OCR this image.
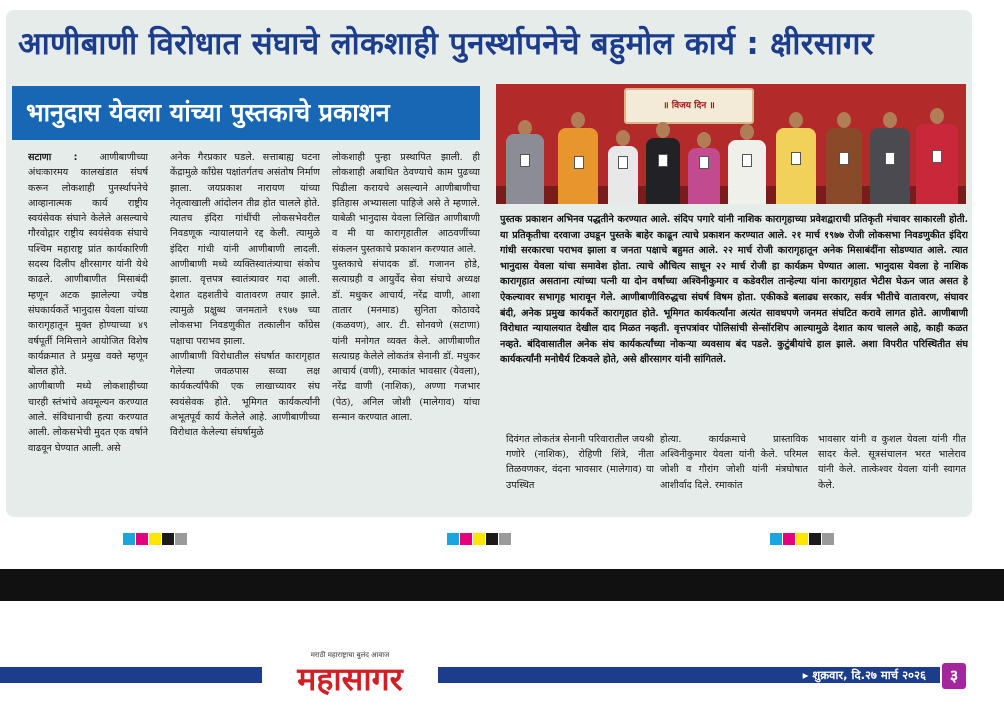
आणीबाणी विरोधात संघाचे लोकशाही पुनर्स्थापनेचे बहुमोल कार्य : क्षीरसागर
भानुदास येवला यांच्या पुस्तकाचे प्रकाशन
सटाणा : आणीबाणीच्या अंधःकारमय कालखंडात संघर्ष करून लोकशाही पुनर्स्थापनेचे आव्हानात्मक कार्य राष्ट्रीय स्वयंसेवक संघाने केलेले असल्याचे गौरवोद्गार राष्ट्रीय स्वयंसेवक संघाचे पश्चिम महाराष्ट्र प्रांत कार्यकारिणी सदस्य दिलीप क्षीरसागर यांनी येथे काढले. आणीबाणीत मिसाबंदी म्हणून अटक झालेल्या ज्येष्ठ संघकार्यकर्ते भानुदास येवला यांच्या कारागृहातून मुक्त होण्याच्या ४९ वर्षपूर्ती निमित्ताने आयोजित विशेष कार्यक्रमात ते प्रमुख वक्ते म्हणून बोलत होते.
आणीबाणी मध्ये लोकशाहीच्या चारही स्तंभांचे अवमूल्यन करण्यात आले. संविधानाची हत्या करण्यात आली. लोकसभेची मुदत एक वर्षाने वाढवून घेण्यात आली. असे
अनेक गैरप्रकार घडले. सत्ताबाह्य घटना केंद्रामुळे काँग्रेस पक्षांतर्गतच असंतोष निर्माण झाला. जयप्रकाश नारायण यांच्या नेतृत्वाखाली आंदोलन तीव्र होत चालले होते. त्यातच इंदिरा गांधींची लोकसभेवरील निवडणूक न्यायालयाने रद्द केली. त्यामुळे इंदिरा गांधी यांनी आणीबाणी लादली. आणीबाणी मध्ये व्यक्तिस्वातंत्र्याचा संकोच झाला. वृत्तपत्र स्वातंत्र्यावर गदा आली. देशात दहशतीचे वातावरण तयार झाले. त्यामुळे प्रक्षुब्ध जनमताने १९७७ च्या लोकसभा निवडणुकीत तत्कालीन काँग्रेस पक्षाचा पराभव झाला.
आणीबाणी विरोधातील संघर्षात कारागृहात गेलेल्या जवळपास सव्वा लक्ष कार्यकर्त्यांपैकी एक लाखाच्यावर संघ स्वयंसेवक होते. भूमिगत कार्यकर्त्यांनी अभूतपूर्व कार्य केलेले आहे. आणीबाणीच्या विरोधात केलेल्या संघर्षामुळे
लोकशाही पुन्हा प्रस्थापित झाली. ही लोकशाही अबाधित ठेवण्याचे काम पुढच्या पिढीला करायचे असल्याने आणीबाणीचा इतिहास अभ्यासला पाहिजे असे ते म्हणाले. याबेळी भानुदास येवला लिखित आणीबाणी व मी या कारागृहातील आठवणींच्या संकलन पुस्तकाचे प्रकाशन करण्यात आले.
पुस्तकाचे संपादक डॉ. गजानन होडे, सत्याग्रही व आयुर्वेद सेवा संघाचे अध्यक्ष डॉ. मधुकर आचार्य, नरेंद्र वाणी, आशा तातार (मनमाड) सुनिता कोठावदे (कळवण), आर. टी. सोनवणे (सटाणा) यांनी मनोगत व्यक्त केले. आणीबाणीत सत्याग्रह केलेले लोकतंत्र सेनानी डॉ. मधुकर आचार्य (वणी), रमाकांत भावसार (येवला), नरेंद्र वाणी (नाशिक), अण्णा गजभार (पेठ), अनिल जोशी (मालेगाव) यांचा सन्मान करण्यात आला.
॥ विजय दिन ॥
पुस्तक प्रकाशन अभिनव पद्धतीने करण्यात आले. संदिप पगारे यांनी नाशिक कारागृहाच्या प्रवेशद्वाराची प्रतिकृती मंचावर साकारली होती. या प्रतिकृतीचा दरवाजा उघडून पुस्तके बाहेर काढून त्याचे प्रकाशन करण्यात आले. २१ मार्च १९७७ रोजी लोकसभा निवडणुकीत इंदिरा गांधी सरकारचा पराभव झाला व जनता पक्षाचे बहुमत आले. २२ मार्च रोजी कारागृहातून अनेक मिसाबंदींना सोडण्यात आले. त्यात भानुदास येवला यांचा समावेश होता. त्याचे औचित्य साधून २२ मार्च रोजी हा कार्यक्रम घेण्यात आला. भानुदास येवला हे नाशिक कारागृहात असताना त्यांच्या पत्नी या दोन वर्षांच्या अश्विनीकुमार व कडेवरील तान्हेल्या यांना कारागृहात भेटीस घेऊन जात असत हे ऐकल्यावर सभागृह भारावून गेले. आणीबाणीविरुद्धचा संघर्ष विषम होता. एकीकडे बलाढ्य सरकार, सर्वत्र भीतीचे वातावरण, संघावर बंदी, अनेक प्रमुख कार्यकर्ते कारागृहात होते. भूमिगत कार्यकर्त्यांना अत्यंत सावधपणे जनमत संघटित करावे लागत होते. आणीबाणी विरोधात न्यायालयात देखील दाद मिळत नव्हती. वृत्तपत्रांवर पोलिसांची सेन्सॉरशिप आल्यामुळे देशात काय चालले आहे, काही कळत नव्हते. बंदिवासातील अनेक संघ कार्यकर्त्यांच्या नोकऱ्या व्यवसाय बंद पडले. कुटुंबीयांचे हाल झाले. अशा विपरीत परिस्थितीत संघ कार्यकर्त्यांनी मनोधैर्य टिकवले होते, असे क्षीरसागर यांनी सांगितले.
दिवंगत लोकतंत्र सेनानी परिवारातील जयश्री गणोरे (नाशिक), रोहिणी शिंत्रे, नीता तिळवणकर, वंदना भावसार (मालेगाव) या उपस्थित
होत्या. कार्यक्रमाचे प्रास्ताविक अश्विनीकुमार येवला यांनी केले. परिमल जोशी व गौरांग जोशी यांनी मंत्रघोषात आशीर्वाद दिले. रमाकांत
भावसार यांनी व कुशल येवला यांनी गीत सादर केले. सूत्रसंचालन भरत भालेराव यांनी केले. तात्केश्वर येवला यांनी स्वागत केले.
मराठी महाराष्ट्राचा बुलंद आवाज
महासागर	▸ शुक्रवार, दि.२७ मार्च २०२६	३
